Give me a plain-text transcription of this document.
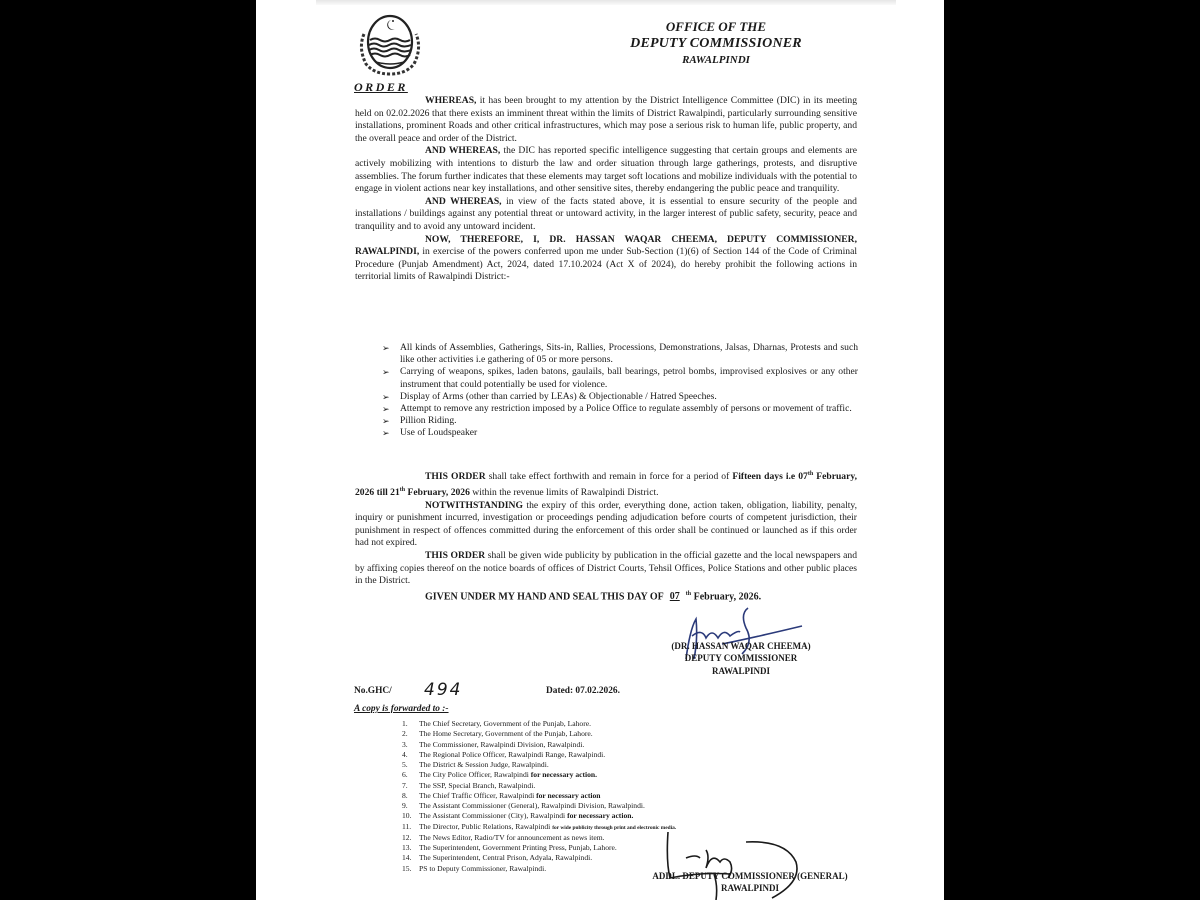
OFFICE OF THE
DEPUTY COMMISSIONER
RAWALPINDI
ORDER

WHEREAS, it has been brought to my attention by the District Intelligence Committee (DIC) in its meeting held on 02.02.2026 that there exists an imminent threat within the limits of District Rawalpindi, particularly surrounding sensitive installations, prominent Roads and other critical infrastructures, which may pose a serious risk to human life, public property, and the overall peace and order of the District.

AND WHEREAS, the DIC has reported specific intelligence suggesting that certain groups and elements are actively mobilizing with intentions to disturb the law and order situation through large gatherings, protests, and disruptive assemblies. The forum further indicates that these elements may target soft locations and mobilize individuals with the potential to engage in violent actions near key installations, and other sensitive sites, thereby endangering the public peace and tranquility.

AND WHEREAS, in view of the facts stated above, it is essential to ensure security of the people and installations / buildings against any potential threat or untoward activity, in the larger interest of public safety, security, peace and tranquility and to avoid any untoward incident.

NOW, THEREFORE, I, DR. HASSAN WAQAR CHEEMA, DEPUTY COMMISSIONER, RAWALPINDI, in exercise of the powers conferred upon me under Sub-Section (1)(6) of Section 144 of the Code of Criminal Procedure (Punjab Amendment) Act, 2024, dated 17.10.2024 (Act X of 2024), do hereby prohibit the following actions in territorial limits of Rawalpindi District:-

➢ All kinds of Assemblies, Gatherings, Sits-in, Rallies, Processions, Demonstrations, Jalsas, Dharnas, Protests and such like other activities i.e gathering of 05 or more persons.
➢ Carrying of weapons, spikes, laden batons, gaulails, ball bearings, petrol bombs, improvised explosives or any other instrument that could potentially be used for violence.
➢ Display of Arms (other than carried by LEAs) & Objectionable / Hatred Speeches.
➢ Attempt to remove any restriction imposed by a Police Office to regulate assembly of persons or movement of traffic.
➢ Pillion Riding.
➢ Use of Loudspeaker

THIS ORDER shall take effect forthwith and remain in force for a period of Fifteen days i.e 07th February, 2026 till 21th February, 2026 within the revenue limits of Rawalpindi District.

NOTWITHSTANDING the expiry of this order, everything done, action taken, obligation, liability, penalty, inquiry or punishment incurred, investigation or proceedings pending adjudication before courts of competent jurisdiction, their punishment in respect of offences committed during the enforcement of this order shall be continued or launched as if this order had not expired.

THIS ORDER shall be given wide publicity by publication in the official gazette and the local newspapers and by affixing copies thereof on the notice boards of offices of District Courts, Tehsil Offices, Police Stations and other public places in the District.

GIVEN UNDER MY HAND AND SEAL THIS DAY OF 07 $^{th}$ February, 2026.

(DR. HASSAN WAQAR CHEEMA)
DEPUTY COMMISSIONER
RAWALPINDI
No.GHC/ 494	Dated: 07.02.2026.
A copy is forwarded to :-
1. The Chief Secretary, Government of the Punjab, Lahore.
2. The Home Secretary, Government of the Punjab, Lahore.
3. The Commissioner, Rawalpindi Division, Rawalpindi.
4. The Regional Police Officer, Rawalpindi Range, Rawalpindi.
5. The District & Session Judge, Rawalpindi.
6. The City Police Officer, Rawalpindi for necessary action.
7. The SSP, Special Branch, Rawalpindi.
8. The Chief Traffic Officer, Rawalpindi for necessary action
9. The Assistant Commissioner (General), Rawalpindi Division, Rawalpindi.
10. The Assistant Commissioner (City), Rawalpindi for necessary action.
11. The Director, Public Relations, Rawalpindi for wide publicity through print and electronic media.
12. The News Editor, Radio/TV for announcement as news item.
13. The Superintendent, Government Printing Press, Punjab, Lahore.
14. The Superintendent, Central Prison, Adyala, Rawalpindi.
15. PS to Deputy Commissioner, Rawalpindi.
ADDL. DEPUTY COMMISSIONER (GENERAL)
RAWALPINDI
